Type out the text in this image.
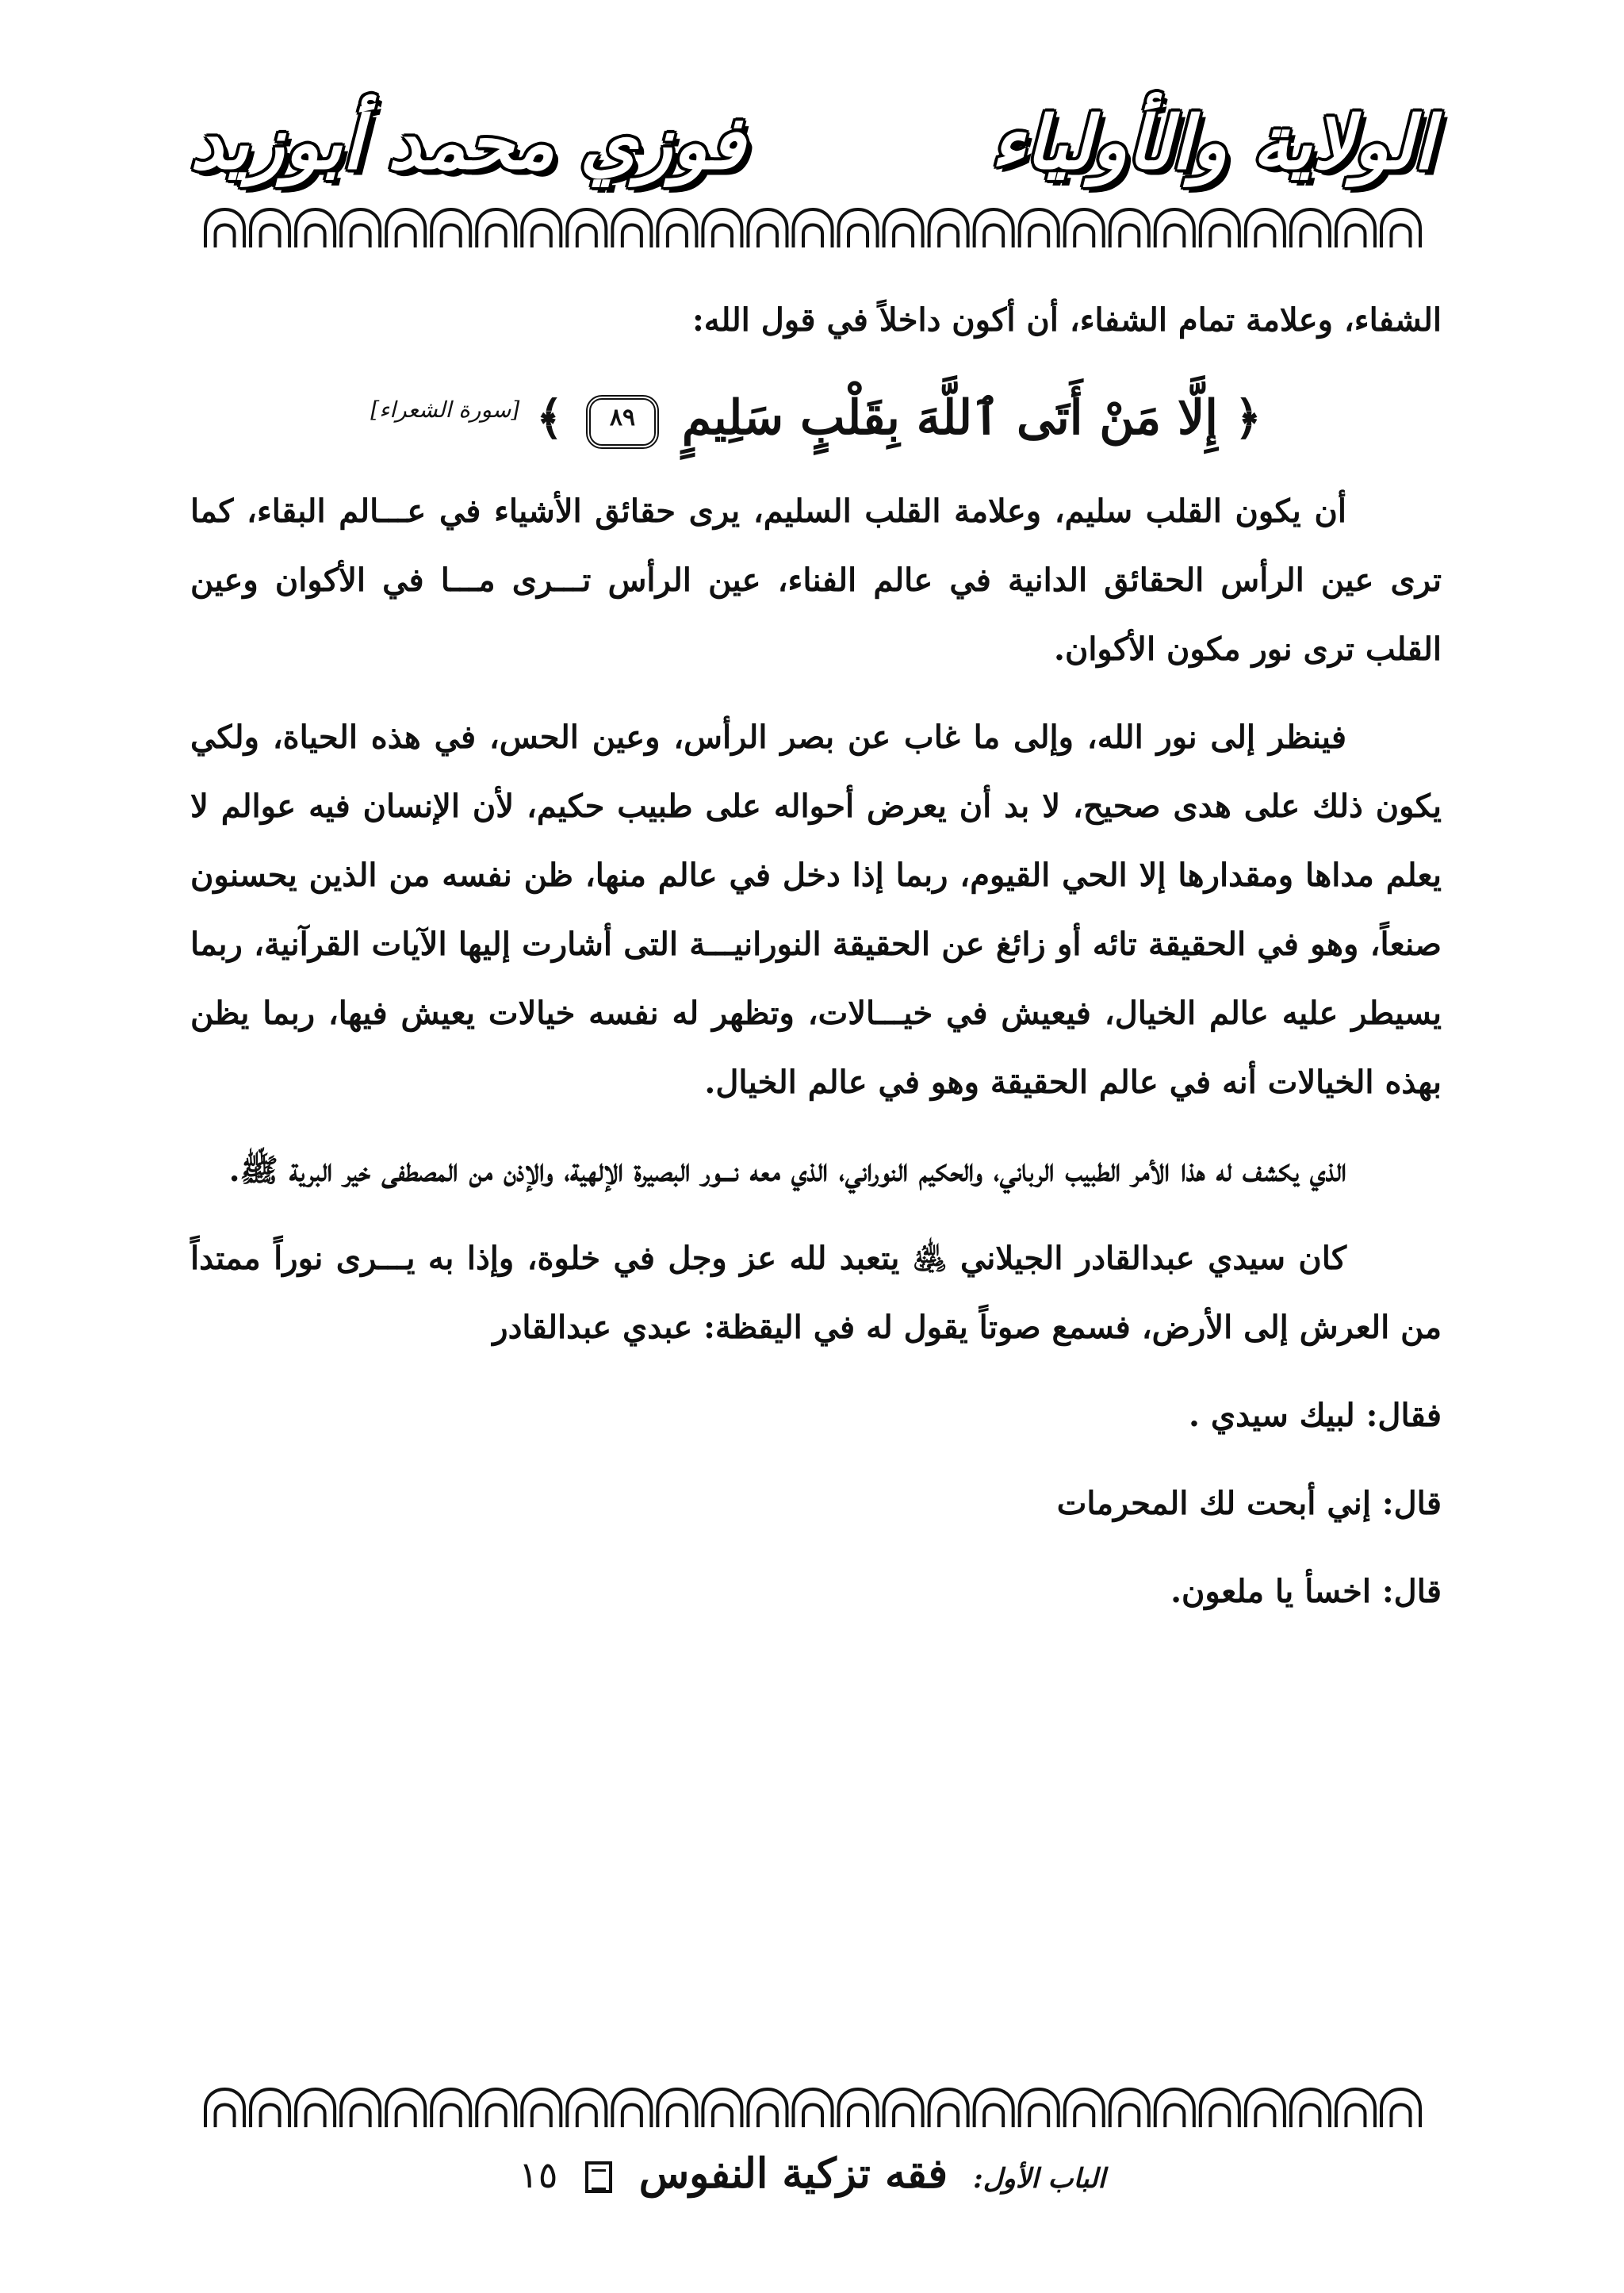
الولاية والأولياء
فوزي محمد أبوزيد

الشفاء، وعلامة تمام الشفاء، أن أكون داخلاً في قول الله:

﴿ إِلَّا مَنْ أَتَى ٱللَّهَ بِقَلْبٍ سَلِيمٍ ٨٩ ﴾ [سورة الشعراء]

أن يكون القلب سليم، وعلامة القلب السليم، يرى حقائق الأشياء في عـــالم البقاء، كما ترى عين الرأس الحقائق الدانية في عالم الفناء، عين الرأس تـــرى مـــا في الأكوان وعين القلب ترى نور مكون الأكوان.

فينظر إلى نور الله، وإلى ما غاب عن بصر الرأس، وعين الحس، في هذه الحياة، ولكي يكون ذلك على هدى صحيح، لا بد أن يعرض أحواله على طبيب حكيم، لأن الإنسان فيه عوالم لا يعلم مداها ومقدارها إلا الحي القيوم، ربما إذا دخل في عالم منها، ظن نفسه من الذين يحسنون صنعاً، وهو في الحقيقة تائه أو زائغ عن الحقيقة النورانيـــة التى أشارت إليها الآيات القرآنية، ربما يسيطر عليه عالم الخيال، فيعيش في خيـــالات، وتظهر له نفسه خيالات يعيش فيها، ربما يظن بهذه الخيالات أنه في عالم الحقيقة وهو في عالم الخيال.

الذي يكشف له هذا الأمر الطبيب الرباني، والحكيم النوراني، الذي معه نـــور البصيرة الإلهية، والإذن من المصطفى خير البرية ﷺ.

كان سيدي عبدالقادر الجيلاني ﵁ يتعبد لله عز وجل في خلوة، وإذا به يـــرى نوراً ممتداً من العرش إلى الأرض، فسمع صوتاً يقول له في اليقظة: عبدي عبدالقادر

فقال: لبيك سيدي .

قال: إني أبحت لك المحرمات

قال: اخسأ يا ملعون.

الباب الأول: فقه تزكية النفوس  ١٥
